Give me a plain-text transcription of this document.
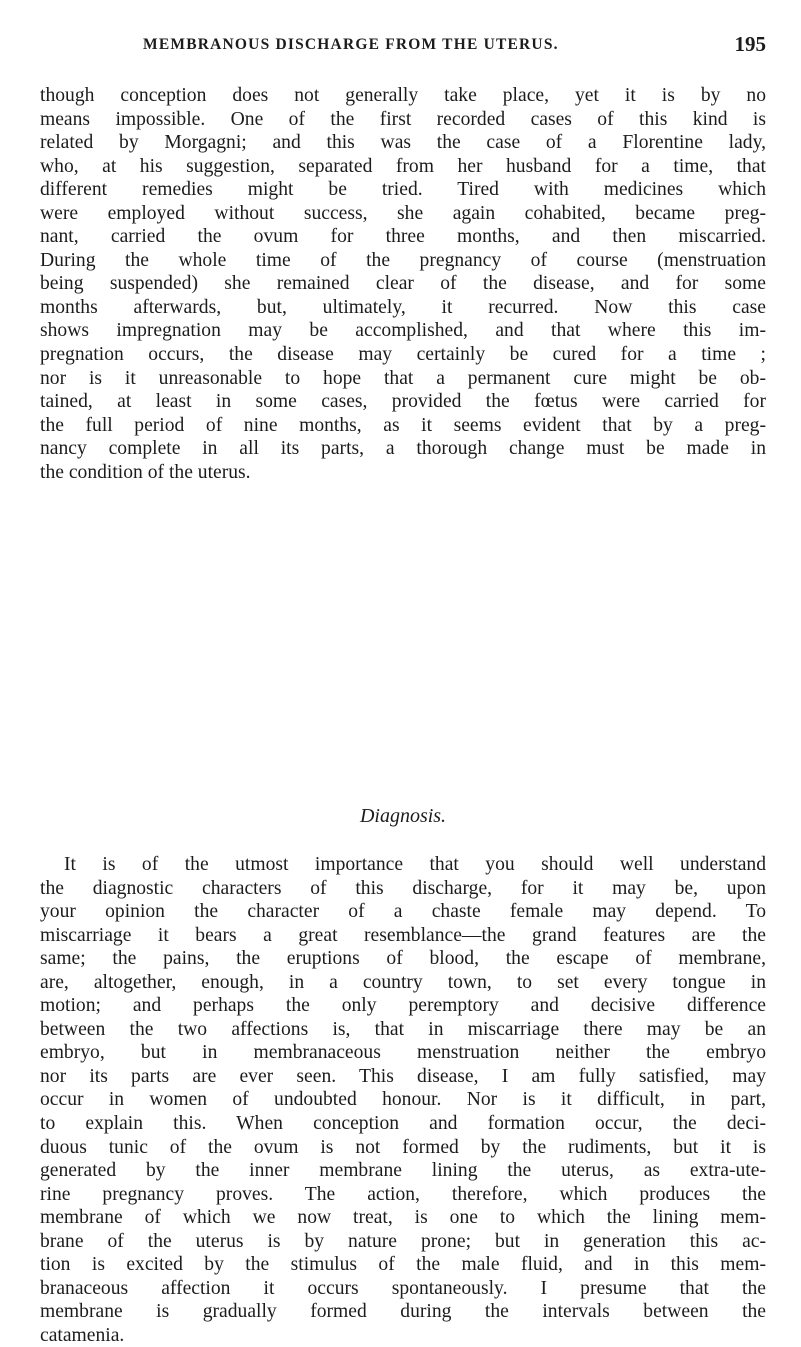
MEMBRANOUS DISCHARGE FROM THE UTERUS.	195
though conception does not generally take place, yet it is by no
means impossible. One of the first recorded cases of this kind is
related by Morgagni; and this was the case of a Florentine lady,
who, at his suggestion, separated from her husband for a time, that
different remedies might be tried. Tired with medicines which
were employed without success, she again cohabited, became preg-
nant, carried the ovum for three months, and then miscarried.
During the whole time of the pregnancy of course (menstruation
being suspended) she remained clear of the disease, and for some
months afterwards, but, ultimately, it recurred. Now this case
shows impregnation may be accomplished, and that where this im-
pregnation occurs, the disease may certainly be cured for a time ;
nor is it unreasonable to hope that a permanent cure might be ob-
tained, at least in some cases, provided the fœtus were carried for
the full period of nine months, as it seems evident that by a preg-
nancy complete in all its parts, a thorough change must be made in
the condition of the uterus.
Diagnosis.
It is of the utmost importance that you should well understand
the diagnostic characters of this discharge, for it may be, upon
your opinion the character of a chaste female may depend. To
miscarriage it bears a great resemblance—the grand features are the
same; the pains, the eruptions of blood, the escape of membrane,
are, altogether, enough, in a country town, to set every tongue in
motion; and perhaps the only peremptory and decisive difference
between the two affections is, that in miscarriage there may be an
embryo, but in membranaceous menstruation neither the embryo
nor its parts are ever seen. This disease, I am fully satisfied, may
occur in women of undoubted honour. Nor is it difficult, in part,
to explain this. When conception and formation occur, the deci-
duous tunic of the ovum is not formed by the rudiments, but it is
generated by the inner membrane lining the uterus, as extra-ute-
rine pregnancy proves. The action, therefore, which produces the
membrane of which we now treat, is one to which the lining mem-
brane of the uterus is by nature prone; but in generation this ac-
tion is excited by the stimulus of the male fluid, and in this mem-
branaceous affection it occurs spontaneously. I presume that the
membrane is gradually formed during the intervals between the
catamenia.
